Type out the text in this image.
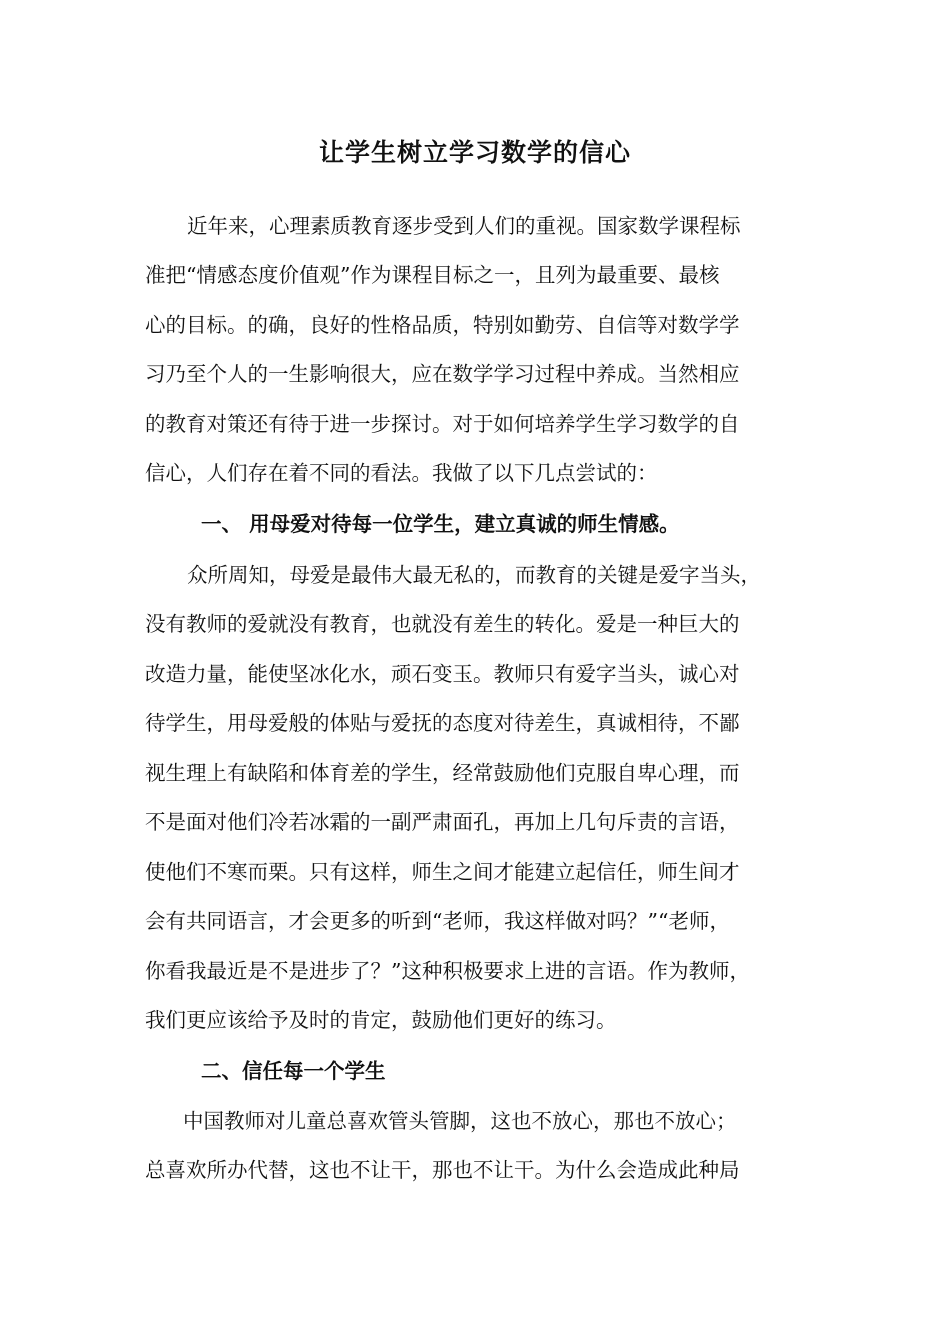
让学生树立学习数学的信心
近年来，心理素质教育逐步受到人们的重视。国家数学课程标
准把“情感态度价值观”作为课程目标之一，且列为最重要、最核
心的目标。的确，良好的性格品质，特别如勤劳、自信等对数学学
习乃至个人的一生影响很大，应在数学学习过程中养成。当然相应
的教育对策还有待于进一步探讨。对于如何培养学生学习数学的自
信心，人们存在着不同的看法。我做了以下几点尝试的：
一、 用母爱对待每一位学生，建立真诚的师生情感。
众所周知，母爱是最伟大最无私的，而教育的关键是爱字当头，
没有教师的爱就没有教育，也就没有差生的转化。爱是一种巨大的
改造力量，能使坚冰化水，顽石变玉。教师只有爱字当头，诚心对
待学生，用母爱般的体贴与爱抚的态度对待差生，真诚相待，不鄙
视生理上有缺陷和体育差的学生，经常鼓励他们克服自卑心理，而
不是面对他们冷若冰霜的一副严肃面孔，再加上几句斥责的言语，
使他们不寒而栗。只有这样，师生之间才能建立起信任，师生间才
会有共同语言，才会更多的听到“老师，我这样做对吗？”“老师，
你看我最近是不是进步了？”这种积极要求上进的言语。作为教师，
我们更应该给予及时的肯定，鼓励他们更好的练习。
二、信任每一个学生
中国教师对儿童总喜欢管头管脚，这也不放心，那也不放心；
总喜欢所办代替，这也不让干，那也不让干。为什么会造成此种局
